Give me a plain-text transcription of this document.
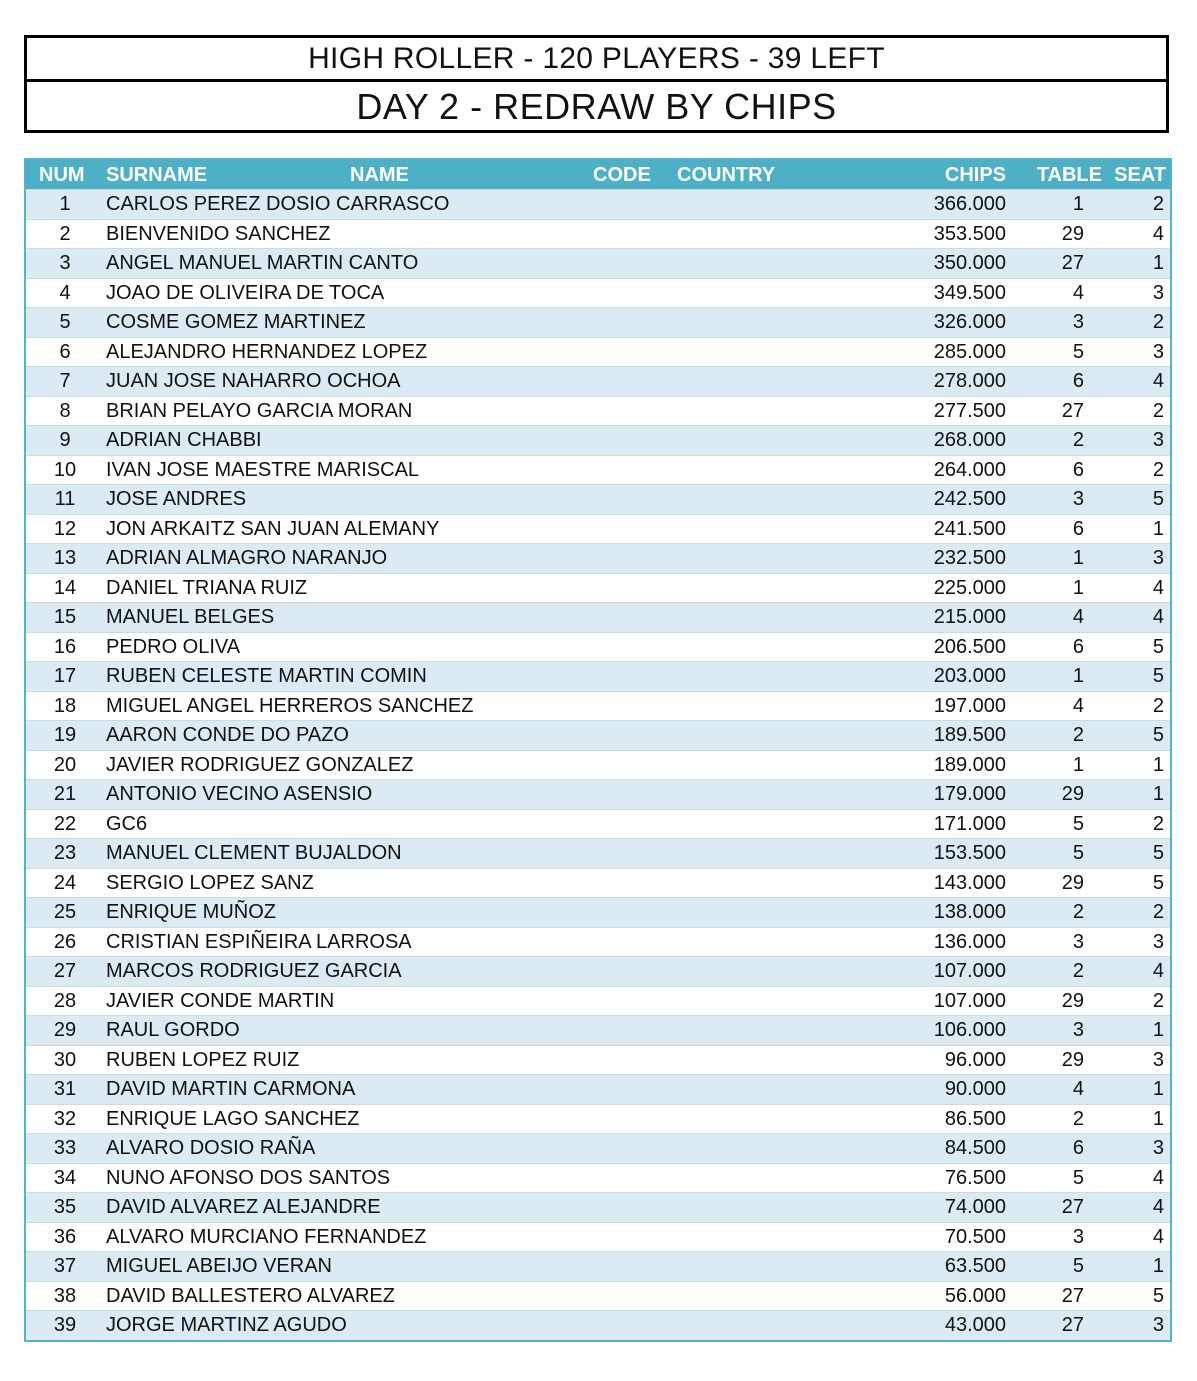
HIGH ROLLER - 120 PLAYERS - 39 LEFT
DAY 2 - REDRAW BY CHIPS
NUM SURNAME	NAME	CODE COUNTRY	CHIPS TABLE SEAT
1	CARLOS PEREZ DOSIO CARRASCO	366.000	1	2
2	BIENVENIDO SANCHEZ	353.500	29	4
3	ANGEL MANUEL MARTIN CANTO	350.000	27	1
4	JOAO DE OLIVEIRA DE TOCA	349.500	4	3
5	COSME GOMEZ MARTINEZ	326.000	3	2
6	ALEJANDRO HERNANDEZ LOPEZ	285.000	5	3
7	JUAN JOSE NAHARRO OCHOA	278.000	6	4
8	BRIAN PELAYO GARCIA MORAN	277.500	27	2
9	ADRIAN CHABBI	268.000	2	3
10	IVAN JOSE MAESTRE MARISCAL	264.000	6	2
11	JOSE ANDRES	242.500	3	5
12	JON ARKAITZ SAN JUAN ALEMANY	241.500	6	1
13	ADRIAN ALMAGRO NARANJO	232.500	1	3
14	DANIEL TRIANA RUIZ	225.000	1	4
15	MANUEL BELGES	215.000	4	4
16	PEDRO OLIVA	206.500	6	5
17	RUBEN CELESTE MARTIN COMIN	203.000	1	5
18	MIGUEL ANGEL HERREROS SANCHEZ	197.000	4	2
19	AARON CONDE DO PAZO	189.500	2	5
20	JAVIER RODRIGUEZ GONZALEZ	189.000	1	1
21	ANTONIO VECINO ASENSIO	179.000	29	1
22	GC6	171.000	5	2
23	MANUEL CLEMENT BUJALDON	153.500	5	5
24	SERGIO LOPEZ SANZ	143.000	29	5
25	ENRIQUE MUÑOZ	138.000	2	2
26	CRISTIAN ESPIÑEIRA LARROSA	136.000	3	3
27	MARCOS RODRIGUEZ GARCIA	107.000	2	4
28	JAVIER CONDE MARTIN	107.000	29	2
29	RAUL GORDO	106.000	3	1
30	RUBEN LOPEZ RUIZ	96.000	29	3
31	DAVID MARTIN CARMONA	90.000	4	1
32	ENRIQUE LAGO SANCHEZ	86.500	2	1
33	ALVARO DOSIO RAÑA	84.500	6	3
34	NUNO AFONSO DOS SANTOS	76.500	5	4
35	DAVID ALVAREZ ALEJANDRE	74.000	27	4
36	ALVARO MURCIANO FERNANDEZ	70.500	3	4
37	MIGUEL ABEIJO VERAN	63.500	5	1
38	DAVID BALLESTERO ALVAREZ	56.000	27	5
39	JORGE MARTINZ AGUDO	43.000	27	3
